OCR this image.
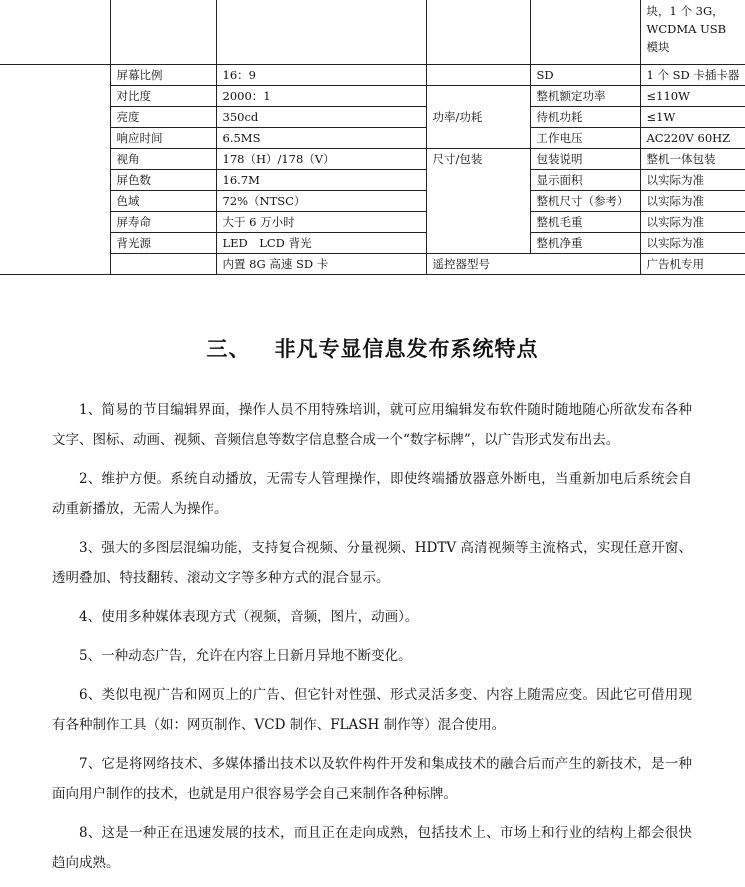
					块，1 个 3G，WCDMA USB 模块
	屏幕比例	16：9		SD	1 个 SD 卡插卡器
	对比度	2000：1	功率/功耗	整机额定功率	≤110W
	亮度	350cd		待机功耗	≤1W
	响应时间	6.5MS		工作电压	AC220V 60HZ
	视角	178（H）/178（V）	尺寸/包装	包装说明	整机一体包装
	屏色数	16.7M		显示面积	以实际为准
	色域	72%（NTSC）		整机尺寸（参考）	以实际为准
	屏寿命	大于 6 万小时		整机毛重	以实际为准
	背光源	LED　LCD 背光		整机净重	以实际为准
		内置 8G 高速 SD 卡	遥控器型号		广告机专用
三、 非凡专显信息发布系统特点

1、简易的节目编辑界面，操作人员不用特殊培训，就可应用编辑发布软件随时随地随心所欲发布各种文字、图标、动画、视频、音频信息等数字信息整合成一个“数字标牌”，以广告形式发布出去。

2、维护方便。系统自动播放，无需专人管理操作，即使终端播放器意外断电，当重新加电后系统会自动重新播放，无需人为操作。

3、强大的多图层混编功能，支持复合视频、分量视频、HDTV 高清视频等主流格式，实现任意开窗、透明叠加、特技翻转、滚动文字等多种方式的混合显示。

4、使用多种媒体表现方式（视频，音频，图片，动画）。

5、一种动态广告，允许在内容上日新月异地不断变化。

6、类似电视广告和网页上的广告、但它针对性强、形式灵活多变、内容上随需应变。因此它可借用现有各种制作工具（如：网页制作、VCD 制作、FLASH 制作等）混合使用。

7、它是将网络技术、多媒体播出技术以及软件构件开发和集成技术的融合后而产生的新技术，是一种面向用户制作的技术，也就是用户很容易学会自己来制作各种标牌。

8、这是一种正在迅速发展的技术，而且正在走向成熟，包括技术上、市场上和行业的结构上都会很快趋向成熟。
